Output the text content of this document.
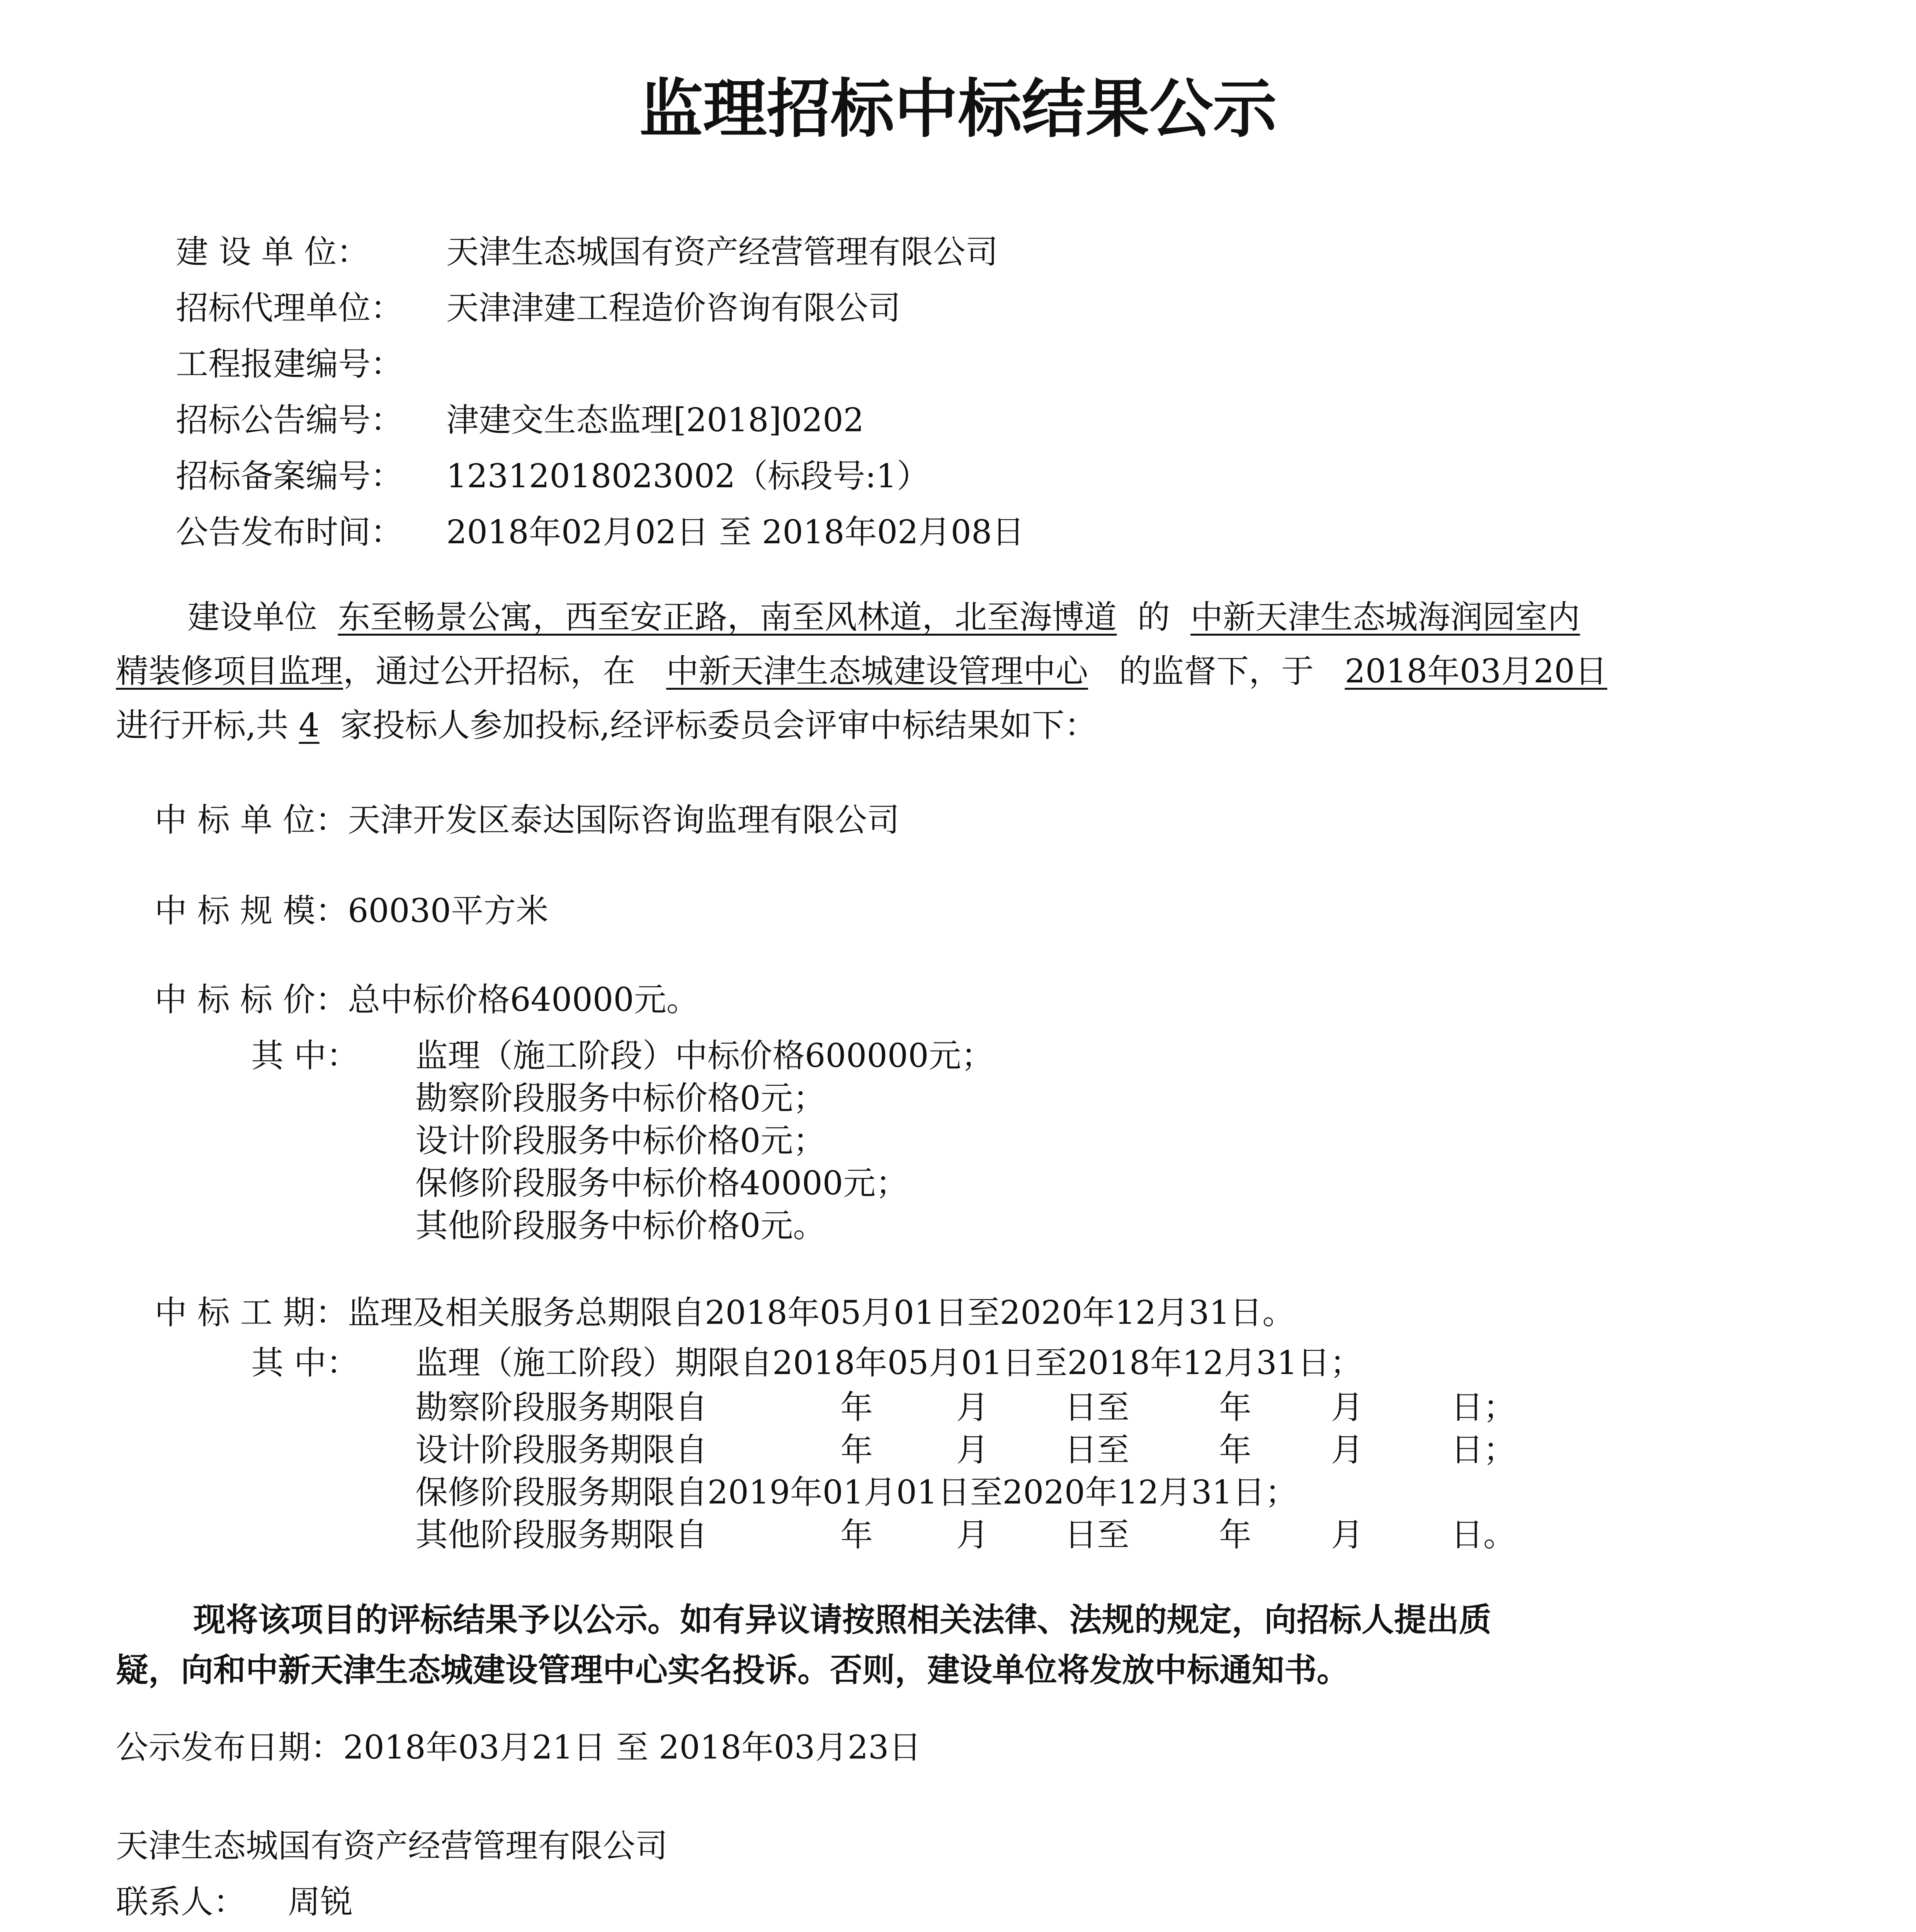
监理招标中标结果公示
建 设 单 位： 天津生态城国有资产经营管理有限公司
招标代理单位： 天津津建工程造价咨询有限公司
工程报建编号：
招标公告编号： 津建交生态监理[2018]0202
招标备案编号： 12312018023002（标段号:1）
公告发布时间： 2018年02月02日 至 2018年02月08日
建设单位 东至畅景公寓，西至安正路，南至风林道，北至海博道 的 中新天津生态城海润园室内
精装修项目监理，通过公开招标，在 中新天津生态城建设管理中心 的监督下，于 2018年03月20日
进行开标,共 4 家投标人参加投标,经评标委员会评审中标结果如下：
中 标 单 位：天津开发区泰达国际咨询监理有限公司
中 标 规 模：60030平方米
中 标 标 价：总中标价格640000元。
其 中： 监理（施工阶段）中标价格600000元；
勘察阶段服务中标价格0元；
设计阶段服务中标价格0元；
保修阶段服务中标价格40000元；
其他阶段服务中标价格0元。
中 标 工 期：监理及相关服务总期限自2018年05月01日至2020年12月31日。
其 中： 监理（施工阶段）期限自2018年05月01日至2018年12月31日；
勘察阶段服务期限自	年	月 日至	年 月	日；
设计阶段服务期限自	年	月 日至	年 月	日；
保修阶段服务期限自2019年01月01日至2020年12月31日；
其他阶段服务期限自	年	月 日至	年 月	日。
现将该项目的评标结果予以公示。如有异议请按照相关法律、法规的规定，向招标人提出质
疑，向和中新天津生态城建设管理中心实名投诉。否则，建设单位将发放中标通知书。
公示发布日期：2018年03月21日 至 2018年03月23日
天津生态城国有资产经营管理有限公司
联系人： 周锐
